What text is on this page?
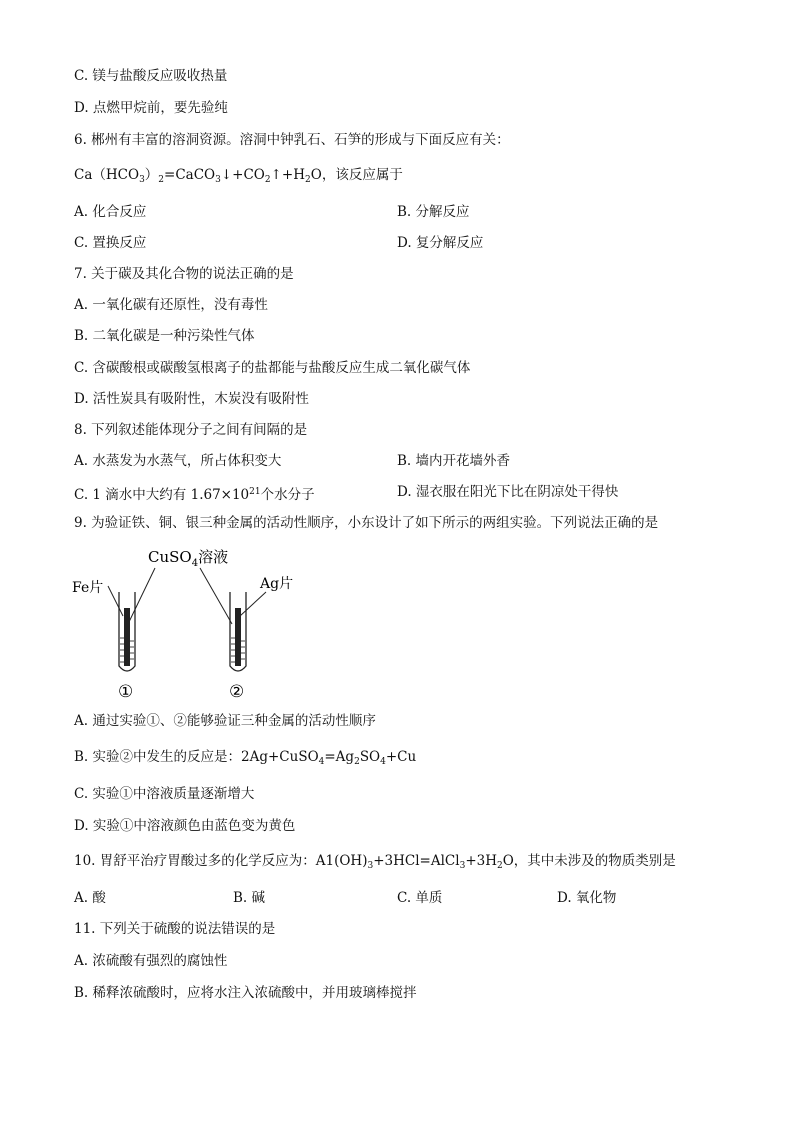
C. 镁与盐酸反应吸收热量
D. 点燃甲烷前，要先验纯
6. 郴州有丰富的溶洞资源。溶洞中钟乳石、石笋的形成与下面反应有关：
$Ca(HCO_3)_2=CaCO_3↓+CO_2↑+H_2O$，该反应属于
A. 化合反应	B. 分解反应
C. 置换反应	D. 复分解反应
7. 关于碳及其化合物的说法正确的是
A. 一氧化碳有还原性，没有毒性
B. 二氧化碳是一种污染性气体
C. 含碳酸根或碳酸氢根离子的盐都能与盐酸反应生成二氧化碳气体
D. 活性炭具有吸附性，木炭没有吸附性
8. 下列叙述能体现分子之间有间隔的是
A. 水蒸发为水蒸气，所占体积变大	B. 墙内开花墙外香
C. 1 滴水中大约有 $1.67\times 10^{21}$个水分子	D. 湿衣服在阳光下比在阴凉处干得快
9. 为验证铁、铜、银三种金属的活动性顺序，小东设计了如下所示的两组实验。下列说法正确的是
CuSO$_4$溶液
Fe片	Ag片
①	②
A. 通过实验①、②能够验证三种金属的活动性顺序
B. 实验②中发生的反应是：$2Ag+CuSO_4=Ag_2SO_4+Cu$
C. 实验①中溶液质量逐渐增大
D. 实验①中溶液颜色由蓝色变为黄色
10. 胃舒平治疗胃酸过多的化学反应为：$A1(OH)_3+3HCl=AlCl_3+3H_2O$，其中未涉及的物质类别是
A. 酸	B. 碱	C. 单质	D. 氧化物
11. 下列关于硫酸的说法错误的是
A. 浓硫酸有强烈的腐蚀性
B. 稀释浓硫酸时，应将水注入浓硫酸中，并用玻璃棒搅拌
